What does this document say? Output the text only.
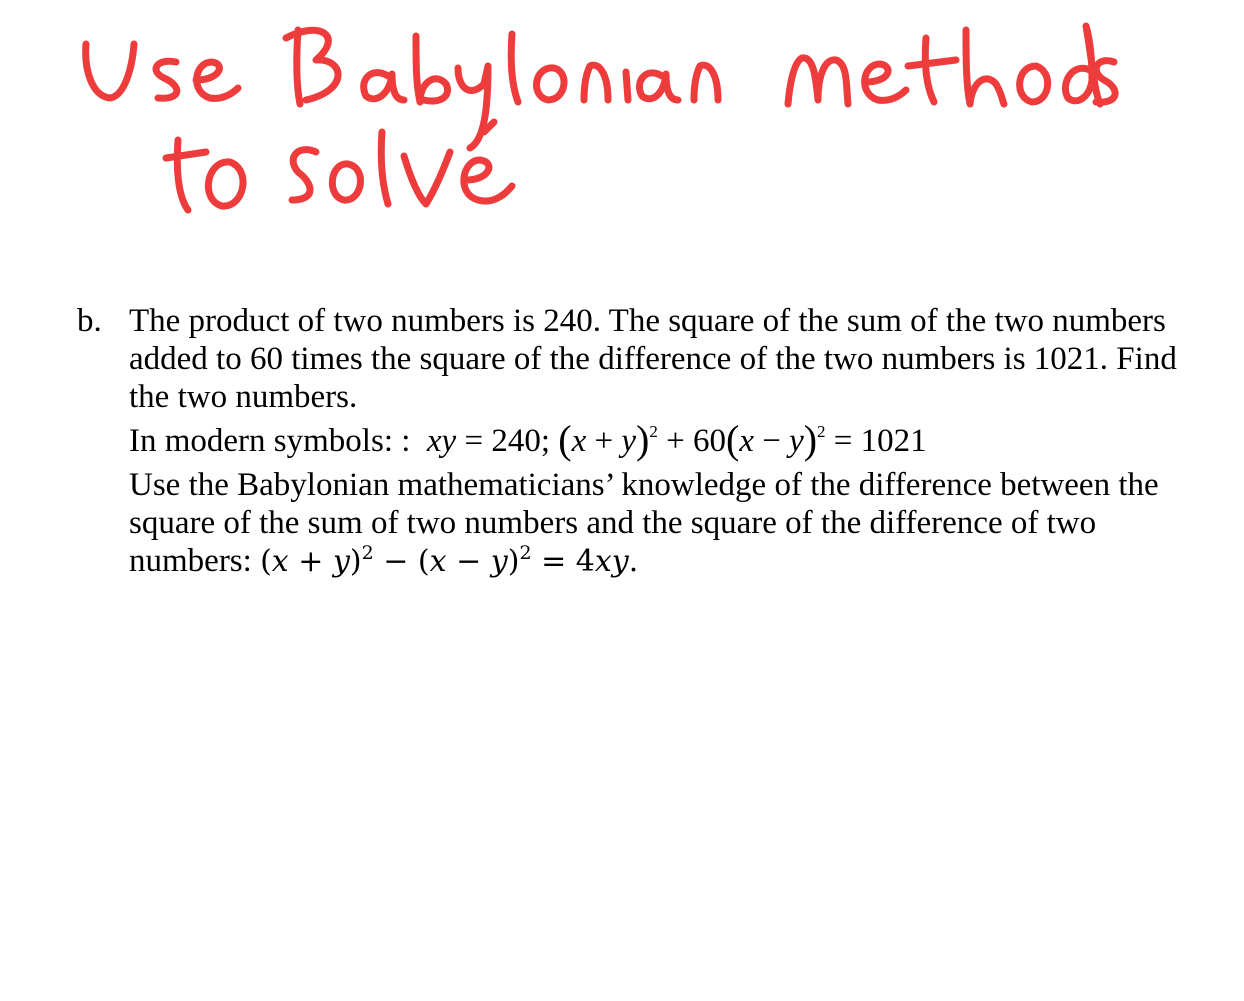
b. The product of two numbers is 240. The square of the sum of the two numbers added to 60 times the square of the difference of the two numbers is 1021. Find the two numbers.

In modern symbols: : xy = 240; $(x + y)^2 + 60(x - y)^2 = 1021$

Use the Babylonian mathematicians’ knowledge of the difference between the square of the sum of two numbers and the square of the difference of two numbers: $(x + y)^2 - (x - y)^2 = 4xy$.
